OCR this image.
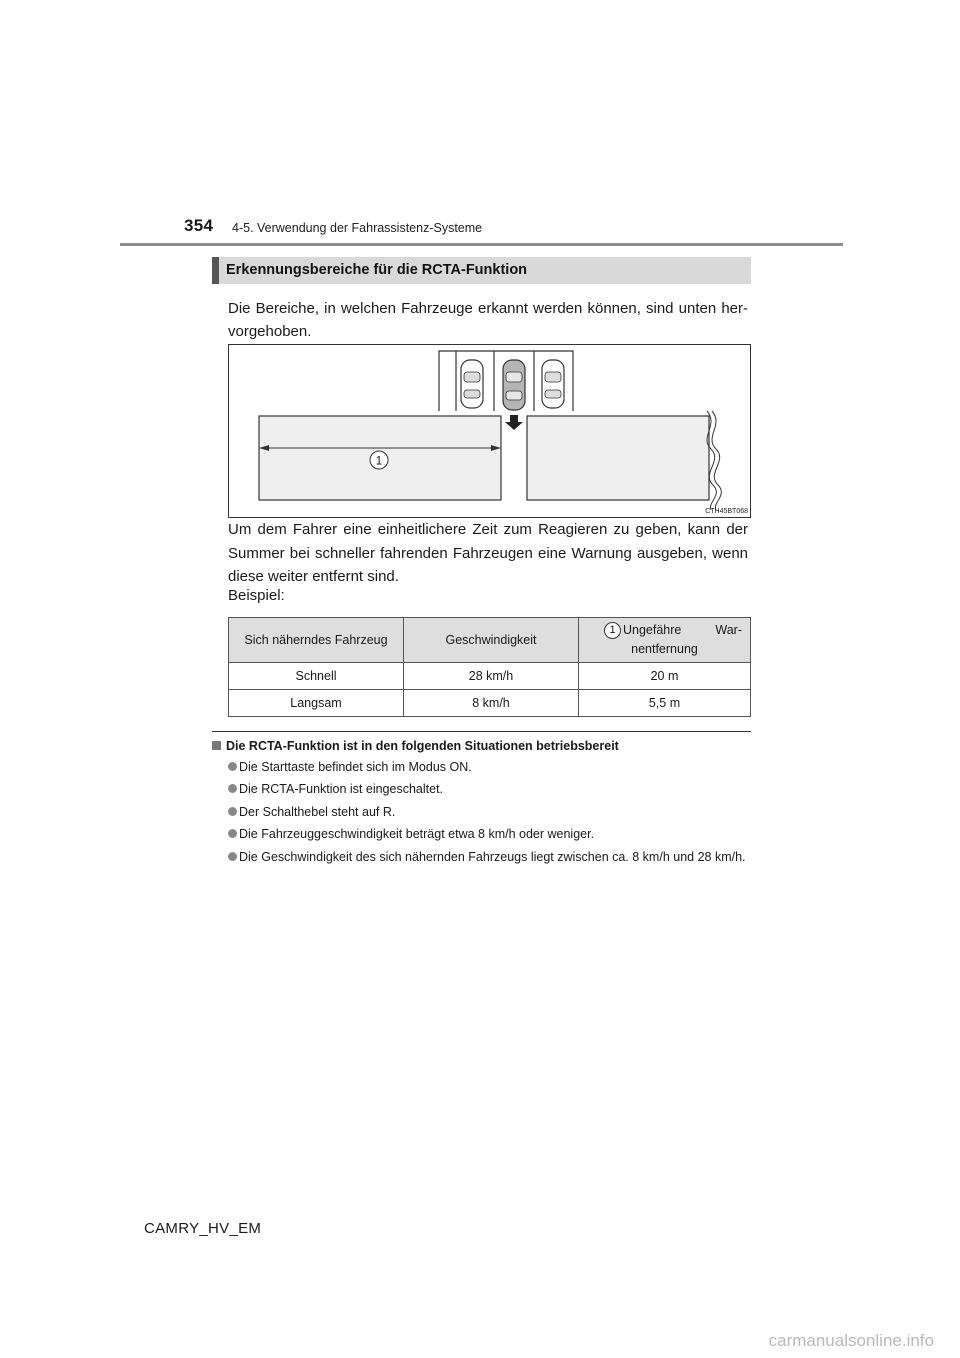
354 4-5. Verwendung der Fahrassistenz-Systeme
Erkennungsbereiche für die RCTA-Funktion
Die Bereiche, in welchen Fahrzeuge erkannt werden können, sind unten her-vorgehoben.
1
CTH45BT068
Um dem Fahrer eine einheitlichere Zeit zum Reagieren zu geben, kann der Summer bei schneller fahrenden Fahrzeugen eine Warnung ausgeben, wenn diese weiter entfernt sind.
Beispiel:
Sich näherndes Fahrzeug	Geschwindigkeit	1 Ungefähre War-
nentfernung

Schnell	28 km/h	20 m
Langsam	8 km/h	5,5 m
Die RCTA-Funktion ist in den folgenden Situationen betriebsbereit
Die Starttaste befindet sich im Modus ON.
Die RCTA-Funktion ist eingeschaltet.
Der Schalthebel steht auf R.
Die Fahrzeuggeschwindigkeit beträgt etwa 8 km/h oder weniger.
Die Geschwindigkeit des sich nähernden Fahrzeugs liegt zwischen ca. 8 km/h und 28 km/h.
CAMRY_HV_EM
carmanualsonline.info
